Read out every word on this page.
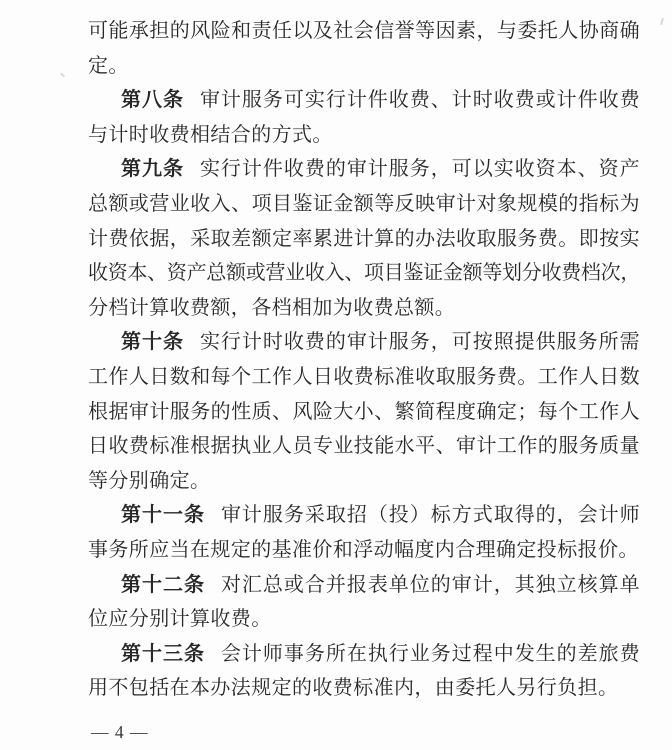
可能承担的风险和责任以及社会信誉等因素，与委托人协商确
定。
第八条 审计服务可实行计件收费、计时收费或计件收费
与计时收费相结合的方式。
第九条 实行计件收费的审计服务，可以实收资本、资产
总额或营业收入、项目鉴证金额等反映审计对象规模的指标为
计费依据，采取差额定率累进计算的办法收取服务费。即按实
收资本、资产总额或营业收入、项目鉴证金额等划分收费档次，
分档计算收费额，各档相加为收费总额。
第十条 实行计时收费的审计服务，可按照提供服务所需
工作人日数和每个工作人日收费标准收取服务费。工作人日数
根据审计服务的性质、风险大小、繁简程度确定；每个工作人
日收费标准根据执业人员专业技能水平、审计工作的服务质量
等分别确定。
第十一条 审计服务采取招（投）标方式取得的，会计师
事务所应当在规定的基准价和浮动幅度内合理确定投标报价。
第十二条 对汇总或合并报表单位的审计，其独立核算单
位应分别计算收费。
第十三条 会计师事务所在执行业务过程中发生的差旅费
用不包括在本办法规定的收费标准内，由委托人另行负担。
— 4 —
